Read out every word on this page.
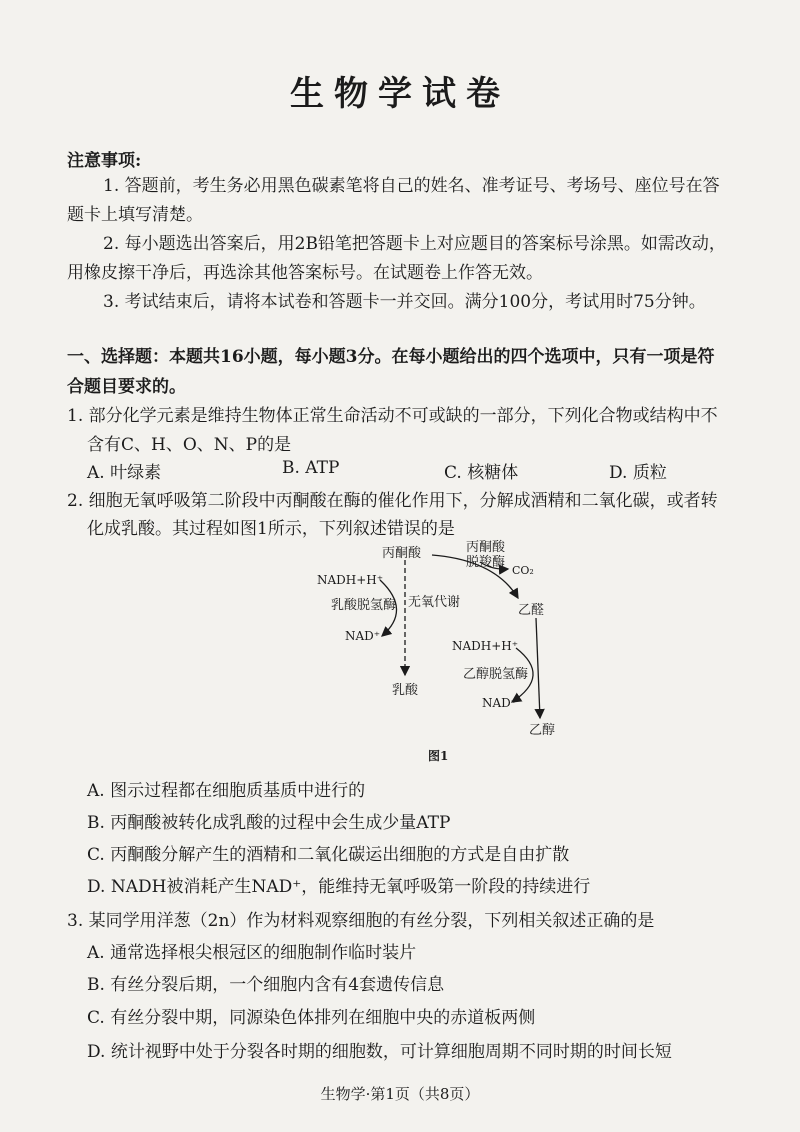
生物学试卷
注意事项:
1. 答题前，考生务必用黑色碳素笔将自己的姓名、准考证号、考场号、座位号在答
题卡上填写清楚。
2. 每小题选出答案后，用2B铅笔把答题卡上对应题目的答案标号涂黑。如需改动，
用橡皮擦干净后，再选涂其他答案标号。在试题卷上作答无效。
3. 考试结束后，请将本试卷和答题卡一并交回。满分100分，考试用时75分钟。
一、选择题：本题共16小题，每小题3分。在每小题给出的四个选项中，只有一项是符
合题目要求的。
1. 部分化学元素是维持生物体正常生命活动不可或缺的一部分，下列化合物或结构中不
含有C、H、O、N、P的是
A. 叶绿素	B. ATP	C. 核糖体	D. 质粒
2. 细胞无氧呼吸第二阶段中丙酮酸在酶的催化作用下，分解成酒精和二氧化碳，或者转
化成乳酸。其过程如图1所示，下列叙述错误的是
丙酮酸	丙酮酸
脱羧酶
CO₂
NADH+H⁺
乳酸脱氢酶 无氧代谢
NAD⁺
乙醛
NADH+H⁺
乙醇脱氢酶
NAD⁺
乳酸
乙醇
图1
A. 图示过程都在细胞质基质中进行的
B. 丙酮酸被转化成乳酸的过程中会生成少量ATP
C. 丙酮酸分解产生的酒精和二氧化碳运出细胞的方式是自由扩散
D. NADH被消耗产生NAD⁺，能维持无氧呼吸第一阶段的持续进行
3. 某同学用洋葱（2n）作为材料观察细胞的有丝分裂，下列相关叙述正确的是
A. 通常选择根尖根冠区的细胞制作临时装片
B. 有丝分裂后期，一个细胞内含有4套遗传信息
C. 有丝分裂中期，同源染色体排列在细胞中央的赤道板两侧
D. 统计视野中处于分裂各时期的细胞数，可计算细胞周期不同时期的时间长短
生物学·第1页（共8页）
